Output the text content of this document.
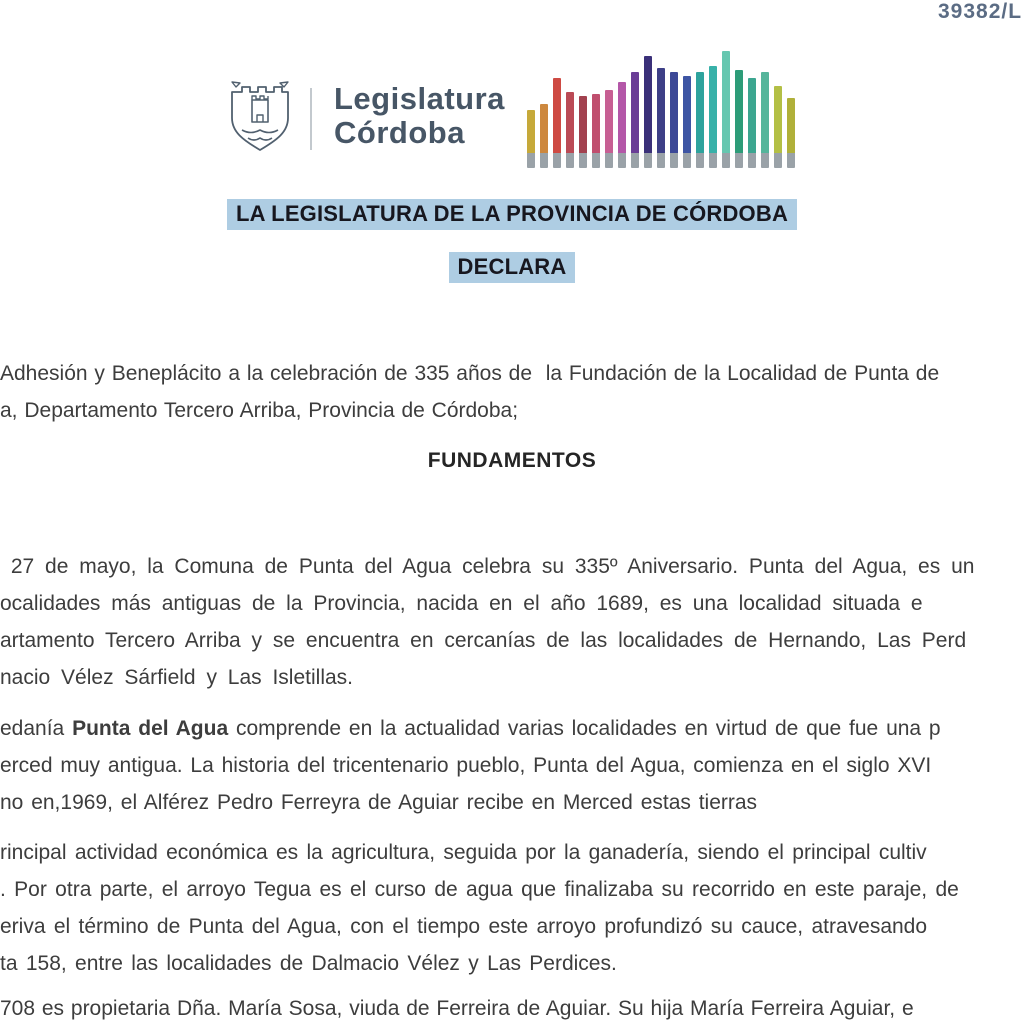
39382/L
Legislatura
Córdoba
LA LEGISLATURA DE LA PROVINCIA DE CÓRDOBA
DECLARA
FUNDAMENTOS
Adhesión y Beneplácito a la celebración de 335 años de  la Fundación de la Localidad de Punta de
a, Departamento Tercero Arriba, Provincia de Córdoba;
27 de mayo, la Comuna de Punta del Agua celebra su 335º Aniversario. Punta del Agua, es un
ocalidades más antiguas de la Provincia, nacida en el año 1689, es una localidad situada e
artamento Tercero Arriba y se encuentra en cercanías de las localidades de Hernando, Las Perd
nacio Vélez Sárfield y Las Isletillas.
edanía Punta del Agua comprende en la actualidad varias localidades en virtud de que fue una p
erced muy antigua. La historia del tricentenario pueblo, Punta del Agua, comienza en el siglo XVI
no en,1969, el Alférez Pedro Ferreyra de Aguiar recibe en Merced estas tierras
rincipal actividad económica es la agricultura, seguida por la ganadería, siendo el principal cultiv
. Por otra parte, el arroyo Tegua es el curso de agua que finalizaba su recorrido en este paraje, de
eriva el término de Punta del Agua, con el tiempo este arroyo profundizó su cauce, atravesando
ta 158, entre las localidades de Dalmacio Vélez y Las Perdices.
708 es propietaria Dña. María Sosa, viuda de Ferreira de Aguiar. Su hija María Ferreira Aguiar, e
